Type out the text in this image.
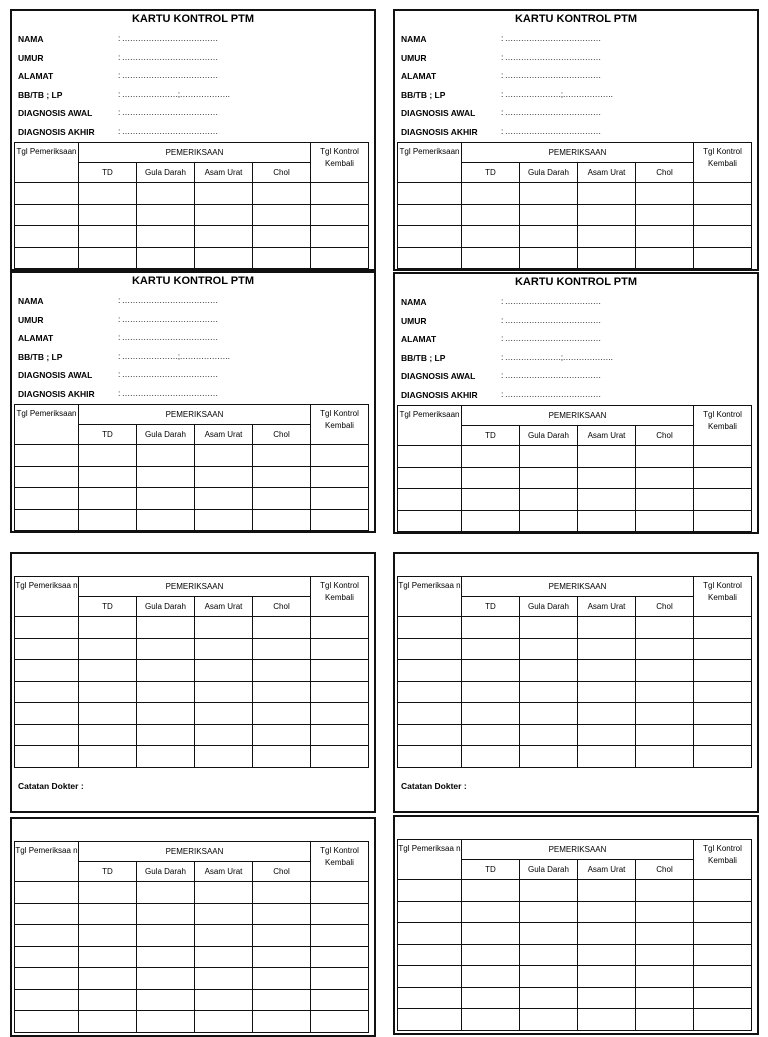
KARTU KONTROL PTM
NAMA	: ………………………………
UMUR	: ………………………………
ALAMAT	: ………………………………
BB/TB ; LP	: …………………;……………….
DIAGNOSIS AWAL	: ………………………………
DIAGNOSIS AKHIR	: ………………………………
Tgl Pemeriksaan	PEMERIKSAAN				Tgl Kontrol Kembali
	TD	Gula Darah	Asam Urat	Chol	

KARTU KONTROL PTM
NAMA	: ………………………………
UMUR	: ………………………………
ALAMAT	: ………………………………
BB/TB ; LP	: …………………;……………….
DIAGNOSIS AWAL	: ………………………………
DIAGNOSIS AKHIR	: ………………………………
Tgl Pemeriksaan	PEMERIKSAAN				Tgl Kontrol Kembali
	TD	Gula Darah	Asam Urat	Chol	

KARTU KONTROL PTM
NAMA	: ………………………………
UMUR	: ………………………………
ALAMAT	: ………………………………
BB/TB ; LP	: …………………;……………….
DIAGNOSIS AWAL	: ………………………………
DIAGNOSIS AKHIR	: ………………………………
Tgl Pemeriksaan	PEMERIKSAAN				Tgl Kontrol Kembali
	TD	Gula Darah	Asam Urat	Chol	

KARTU KONTROL PTM
NAMA	: ………………………………
UMUR	: ………………………………
ALAMAT	: ………………………………
BB/TB ; LP	: …………………;……………….
DIAGNOSIS AWAL	: ………………………………
DIAGNOSIS AKHIR	: ………………………………
Tgl Pemeriksaan	PEMERIKSAAN				Tgl Kontrol Kembali
	TD	Gula Darah	Asam Urat	Chol	

Tgl Pemeriksaa n	PEMERIKSAAN				Tgl Kontrol Kembali
	TD	Gula Darah	Asam Urat	Chol	

Catatan Dokter :
Tgl Pemeriksaa n	PEMERIKSAAN				Tgl Kontrol Kembali
	TD	Gula Darah	Asam Urat	Chol	

Catatan Dokter :
Tgl Pemeriksaa n	PEMERIKSAAN				Tgl Kontrol Kembali
	TD	Gula Darah	Asam Urat	Chol	

Tgl Pemeriksaa n	PEMERIKSAAN				Tgl Kontrol Kembali
	TD	Gula Darah	Asam Urat	Chol	
